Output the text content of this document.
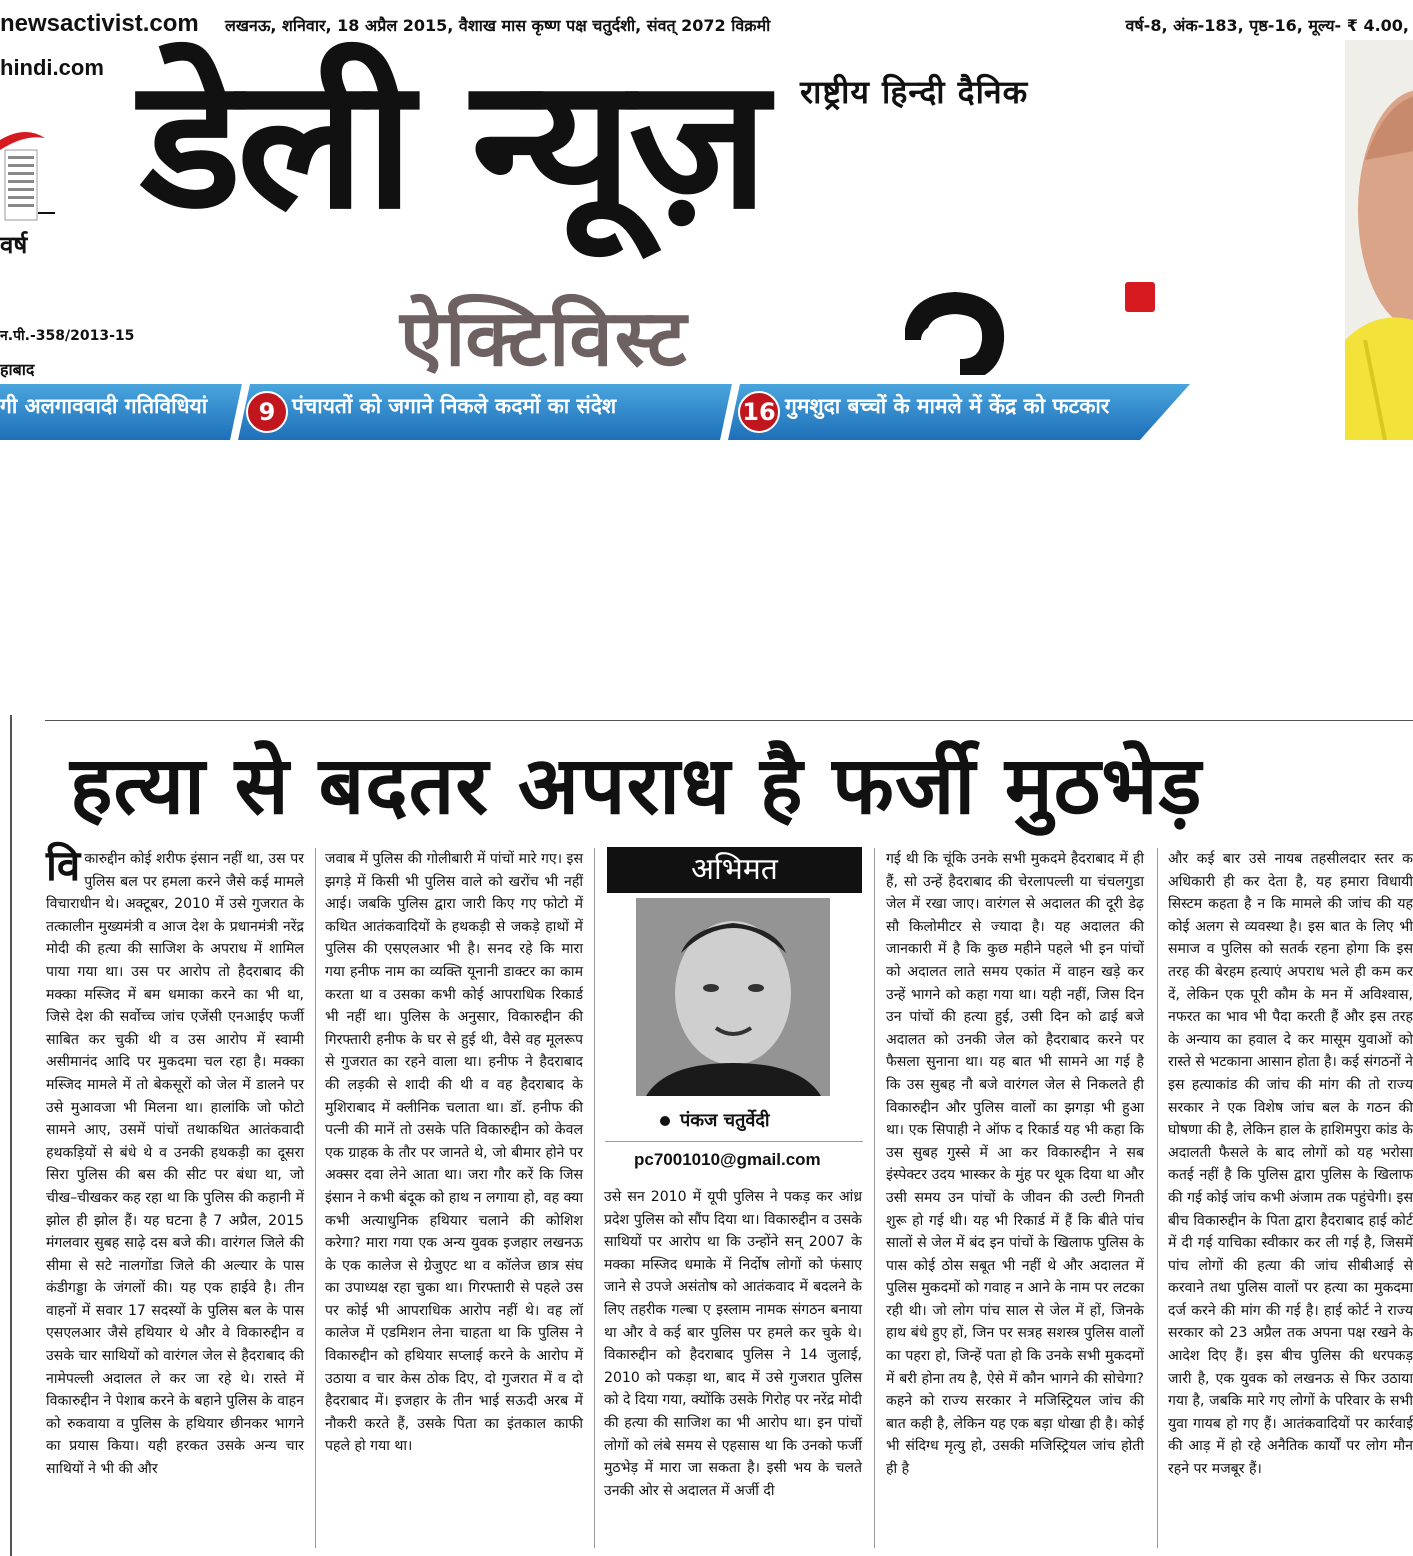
newsactivist.com लखनऊ, शनिवार, 18 अप्रैल 2015, वैशाख मास कृष्ण पक्ष चतुर्दशी, संवत् 2072 विक्रमी	वर्ष-8, अंक-183, पृष्ठ-16, मूल्य- ₹ 4.00,
hindi.com
वर्ष
न.पी.-358/2013-15
हाबाद
राष्ट्रीय हिन्दी दैनिक
डेली न्यूज़
ऐक्टिविस्ट
गी अलगाववादी गतिविधियां	9 पंचायतों को जगाने निकले कदमों का संदेश	16 गुमशुदा बच्चों के मामले में केंद्र को फटकार
हत्या से बदतर अपराध है फर्जी मुठभेड़
विकारुद्दीन कोई शरीफ इंसान नहीं था, उस पर पुलिस बल पर हमला करने जैसे कई मामले विचाराधीन थे। अक्टूबर, 2010 में उसे गुजरात के तत्कालीन मुख्यमंत्री व आज देश के प्रधानमंत्री नरेंद्र मोदी की हत्या की साजिश के अपराध में शामिल पाया गया था। उस पर आरोप तो हैदराबाद की मक्का मस्जिद में बम धमाका करने का भी था, जिसे देश की सर्वोच्च जांच एजेंसी एनआईए फर्जी साबित कर चुकी थी व उस आरोप में स्वामी असीमानंद आदि पर मुकदमा चल रहा है। मक्का मस्जिद मामले में तो बेकसूरों को जेल में डालने पर उसे मुआवजा भी मिलना था। हालांकि जो फोटो सामने आए, उसमें पांचों तथाकथित आतंकवादी हथकड़ियों से बंधे थे व उनकी हथकड़ी का दूसरा सिरा पुलिस की बस की सीट पर बंधा था, जो चीख–चीखकर कह रहा था कि पुलिस की कहानी में झोल ही झोल हैं। यह घटना है 7 अप्रैल, 2015 मंगलवार सुबह साढ़े दस बजे की। वारंगल जिले की सीमा से सटे नालगोंडा जिले की अल्यार के पास कंडीगड्डा के जंगलों की। यह एक हाईवे है। तीन वाहनों में सवार 17 सदस्यों के पुलिस बल के पास एसएलआर जैसे हथियार थे और वे विकारुद्दीन व उसके चार साथियों को वारंगल जेल से हैदराबाद की नामेपल्ली अदालत ले कर जा रहे थे। रास्ते में विकारुद्दीन ने पेशाब करने के बहाने पुलिस के वाहन को रुकवाया व पुलिस के हथियार छीनकर भागने का प्रयास किया। यही हरकत उसके अन्य चार साथियों ने भी की और
जवाब में पुलिस की गोलीबारी में पांचों मारे गए। इस झगड़े में किसी भी पुलिस वाले को खरोंच भी नहीं आई। जबकि पुलिस द्वारा जारी किए गए फोटो में कथित आतंकवादियों के हथकड़ी से जकड़े हाथों में पुलिस की एसएलआर भी है। सनद रहे कि मारा गया हनीफ नाम का व्यक्ति यूनानी डाक्टर का काम करता था व उसका कभी कोई आपराधिक रिकार्ड भी नहीं था। पुलिस के अनुसार, विकारुद्दीन की गिरफ्तारी हनीफ के घर से हुई थी, वैसे वह मूलरूप से गुजरात का रहने वाला था। हनीफ ने हैदराबाद की लड़की से शादी की थी व वह हैदराबाद के मुशिराबाद में क्लीनिक चलाता था। डॉ. हनीफ की पत्नी की मानें तो उसके पति विकारुद्दीन को केवल एक ग्राहक के तौर पर जानते थे, जो बीमार होने पर अक्सर दवा लेने आता था। जरा गौर करें कि जिस इंसान ने कभी बंदूक को हाथ न लगाया हो, वह क्या कभी अत्याधुनिक हथियार चलाने की कोशिश करेगा? मारा गया एक अन्य युवक इजहार लखनऊ के एक कालेज से ग्रेजुएट था व कॉलेज छात्र संघ का उपाध्यक्ष रहा चुका था। गिरफ्तारी से पहले उस पर कोई भी आपराधिक आरोप नहीं थे। वह लॉ कालेज में एडमिशन लेना चाहता था कि पुलिस ने विकारुद्दीन को हथियार सप्लाई करने के आरोप में उठाया व चार केस ठोक दिए, दो गुजरात में व दो हैदराबाद में। इजहार के तीन भाई सऊदी अरब में नौकरी करते हैं, उसके पिता का इंतकाल काफी पहले हो गया था।
अभिमत
पंकज चतुर्वेदी
pc7001010@gmail.com
उसे सन 2010 में यूपी पुलिस ने पकड़ कर आंध्र प्रदेश पुलिस को सौंप दिया था। विकारुद्दीन व उसके साथियों पर आरोप था कि उन्होंने सन् 2007 के मक्का मस्जिद धमाके में निर्दोष लोगों को फंसाए जाने से उपजे असंतोष को आतंकवाद में बदलने के लिए तहरीक गल्बा ए इस्लाम नामक संगठन बनाया था और वे कई बार पुलिस पर हमले कर चुके थे। विकारुद्दीन को हैदराबाद पुलिस ने 14 जुलाई, 2010 को पकड़ा था, बाद में उसे गुजरात पुलिस को दे दिया गया, क्योंकि उसके गिरोह पर नरेंद्र मोदी की हत्या की साजिश का भी आरोप था। इन पांचों लोगों को लंबे समय से एहसास था कि उनको फर्जी मुठभेड़ में मारा जा सकता है। इसी भय के चलते उनकी ओर से अदालत में अर्जी दी
गई थी कि चूंकि उनके सभी मुकदमे हैदराबाद में ही हैं, सो उन्हें हैदराबाद की चेरलापल्ली या चंचलगुडा जेल में रखा जाए। वारंगल से अदालत की दूरी डेढ़ सौ किलोमीटर से ज्यादा है। यह अदालत की जानकारी में है कि कुछ महीने पहले भी इन पांचों को अदालत लाते समय एकांत में वाहन खड़े कर उन्हें भागने को कहा गया था। यही नहीं, जिस दिन उन पांचों की हत्या हुई, उसी दिन को ढाई बजे अदालत को उनकी जेल को हैदराबाद करने पर फैसला सुनाना था। यह बात भी सामने आ गई है कि उस सुबह नौ बजे वारंगल जेल से निकलते ही विकारुद्दीन और पुलिस वालों का झगड़ा भी हुआ था। एक सिपाही ने ऑफ द रिकार्ड यह भी कहा कि उस सुबह गुस्से में आ कर विकारुद्दीन ने सब इंस्पेक्टर उदय भास्कर के मुंह पर थूक दिया था और उसी समय उन पांचों के जीवन की उल्टी गिनती शुरू हो गई थी। यह भी रिकार्ड में हैं कि बीते पांच सालों से जेल में बंद इन पांचों के खिलाफ पुलिस के पास कोई ठोस सबूत भी नहीं थे और अदालत में पुलिस मुकदमों को गवाह न आने के नाम पर लटका रही थी। जो लोग पांच साल से जेल में हों, जिनके हाथ बंधे हुए हों, जिन पर सत्रह सशस्त्र पुलिस वालों का पहरा हो, जिन्हें पता हो कि उनके सभी मुकदमों में बरी होना तय है, ऐसे में कौन भागने की सोचेगा? कहने को राज्य सरकार ने मजिस्ट्रियल जांच की बात कही है, लेकिन यह एक बड़ा धोखा ही है। कोई भी संदिग्ध मृत्यु हो, उसकी मजिस्ट्रियल जांच होती ही है
और कई बार उसे नायब तहसीलदार स्तर क अधिकारी ही कर देता है, यह हमारा विधायी सिस्टम कहता है न कि मामले की जांच की यह कोई अलग से व्यवस्था है। इस बात के लिए भी समाज व पुलिस को सतर्क रहना होगा कि इस तरह की बेरहम हत्याएं अपराध भले ही कम कर दें, लेकिन एक पूरी कौम के मन में अविश्वास, नफरत का भाव भी पैदा करती हैं और इस तरह के अन्याय का हवाल दे कर मासूम युवाओं को रास्ते से भटकाना आसान होता है। कई संगठनों ने इस हत्याकांड की जांच की मांग की तो राज्य सरकार ने एक विशेष जांच बल के गठन की घोषणा की है, लेकिन हाल के हाशिमपुरा कांड के अदालती फैसले के बाद लोगों को यह भरोसा कतई नहीं है कि पुलिस द्वारा पुलिस के खिलाफ की गई कोई जांच कभी अंजाम तक पहुंचेगी। इस बीच विकारुद्दीन के पिता द्वारा हैदराबाद हाई कोर्ट में दी गई याचिका स्वीकार कर ली गई है, जिसमें पांच लोगों की हत्या की जांच सीबीआई से करवाने तथा पुलिस वालों पर हत्या का मुकदमा दर्ज करने की मांग की गई है। हाई कोर्ट ने राज्य सरकार को 23 अप्रैल तक अपना पक्ष रखने के आदेश दिए हैं। इस बीच पुलिस की धरपकड़ जारी है, एक युवक को लखनऊ से फिर उठाया गया है, जबकि मारे गए लोगों के परिवार के सभी युवा गायब हो गए हैं। आतंकवादियों पर कार्रवाई की आड़ में हो रहे अनैतिक कार्यों पर लोग मौन रहने पर मजबूर हैं।
